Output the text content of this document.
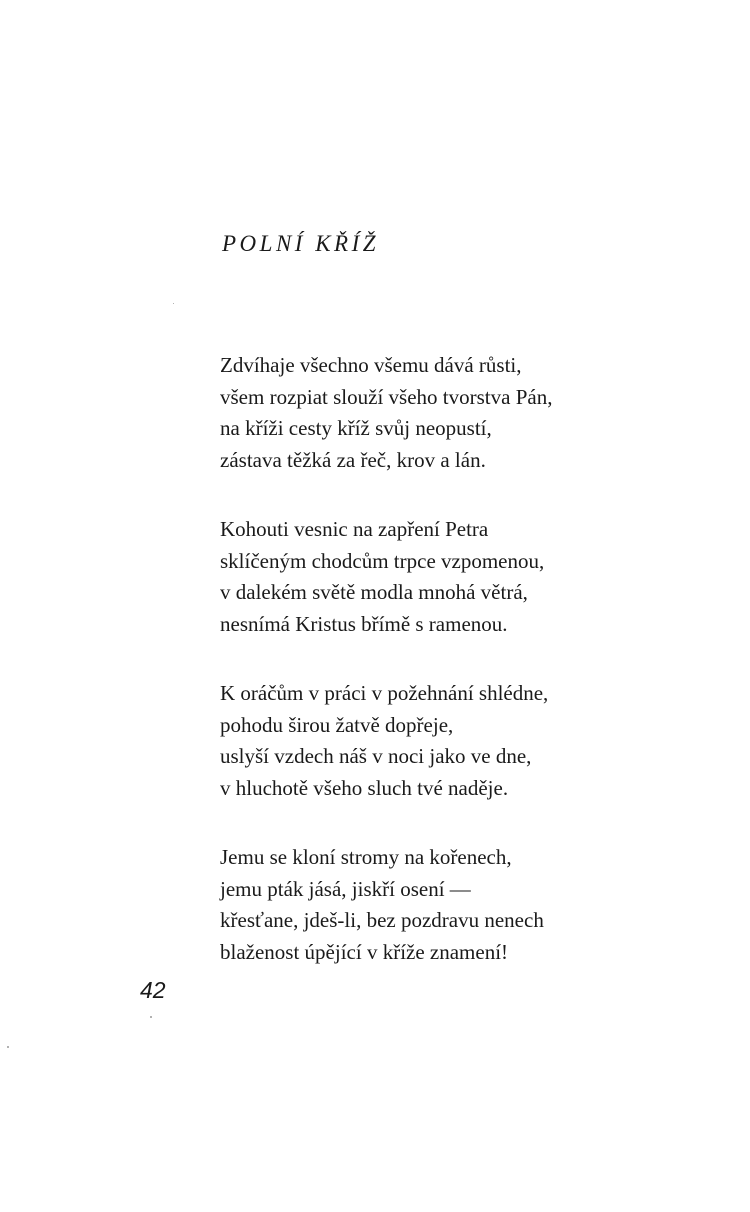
POLNÍ KŘÍŽ
Zdvíhaje všechno všemu dává růsti,
všem rozpiat slouží všeho tvorstva Pán,
na kříži cesty kříž svůj neopustí,
zástava těžká za řeč, krov a lán.
Kohouti vesnic na zapření Petra
sklíčeným chodcům trpce vzpomenou,
v dalekém světě modla mnohá větrá,
nesnímá Kristus břímě s ramenou.
K oráčům v práci v požehnání shlédne,
pohodu širou žatvě dopřeje,
uslyší vzdech náš v noci jako ve dne,
v hluchotě všeho sluch tvé naděje.
Jemu se kloní stromy na kořenech,
jemu pták jásá, jiskří osení —
křesťane, jdeš-li, bez pozdravu nenech
blaženost úpějící v kříže znamení!
42
